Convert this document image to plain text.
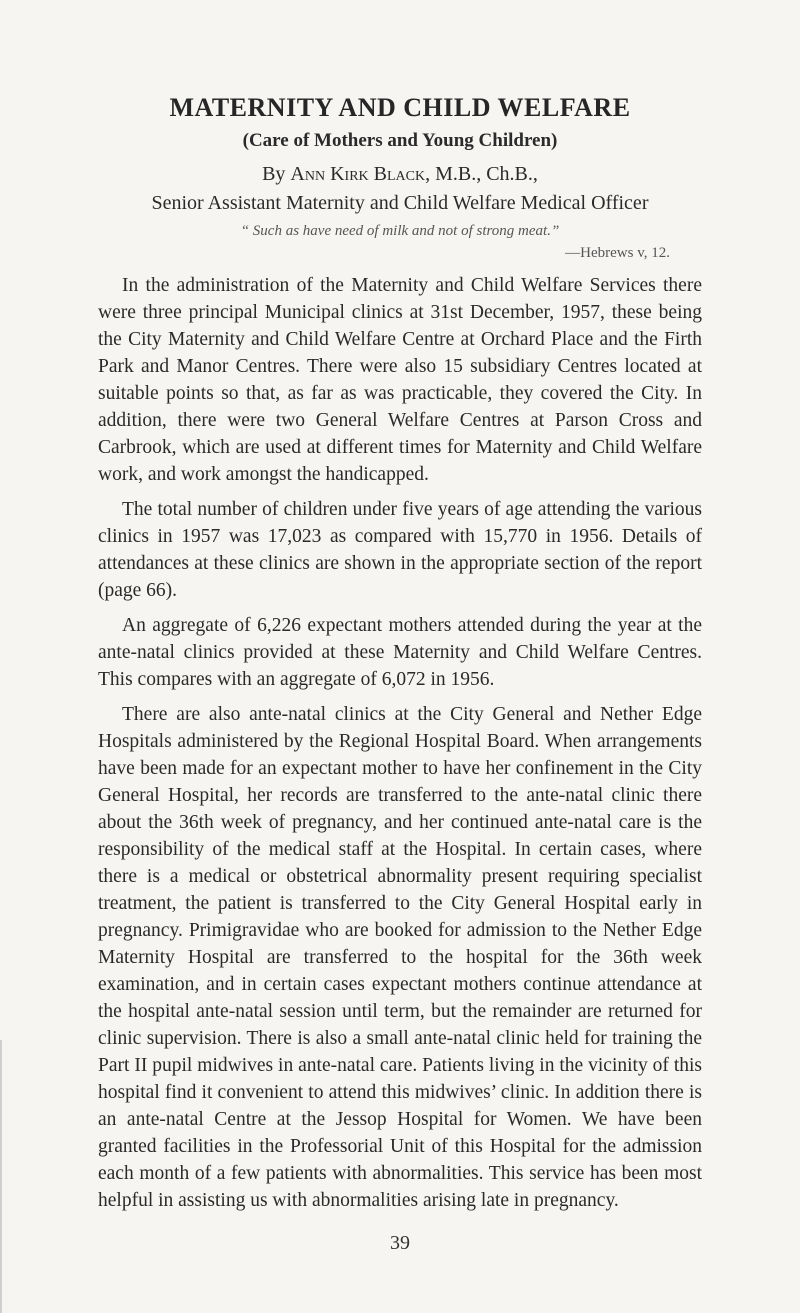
MATERNITY AND CHILD WELFARE

(Care of Mothers and Young Children)

By Ann Kirk Black, M.B., Ch.B.,

Senior Assistant Maternity and Child Welfare Medical Officer

“ Such as have need of milk and not of strong meat.”

—Hebrews v, 12.

In the administration of the Maternity and Child Welfare Services there were three principal Municipal clinics at 31st December, 1957, these being the City Maternity and Child Welfare Centre at Orchard Place and the Firth Park and Manor Centres. There were also 15 subsidiary Centres located at suitable points so that, as far as was practicable, they covered the City. In addition, there were two General Welfare Centres at Parson Cross and Carbrook, which are used at different times for Maternity and Child Welfare work, and work amongst the handicapped.

The total number of children under five years of age attending the various clinics in 1957 was 17,023 as compared with 15,770 in 1956. Details of attendances at these clinics are shown in the appropriate section of the report (page 66).

An aggregate of 6,226 expectant mothers attended during the year at the ante-natal clinics provided at these Maternity and Child Welfare Centres. This compares with an aggregate of 6,072 in 1956.

There are also ante-natal clinics at the City General and Nether Edge Hospitals administered by the Regional Hospital Board. When arrangements have been made for an expectant mother to have her confinement in the City General Hospital, her records are transferred to the ante-natal clinic there about the 36th week of pregnancy, and her continued ante-natal care is the responsibility of the medical staff at the Hospital. In certain cases, where there is a medical or obstetrical abnormality present requiring specialist treatment, the patient is transferred to the City General Hospital early in pregnancy. Primigravidae who are booked for admission to the Nether Edge Maternity Hospital are transferred to the hospital for the 36th week examination, and in certain cases expectant mothers continue attendance at the hospital ante-natal session until term, but the remainder are returned for clinic supervision. There is also a small ante-natal clinic held for training the Part II pupil midwives in ante-natal care. Patients living in the vicinity of this hospital find it convenient to attend this midwives’ clinic. In addition there is an ante-natal Centre at the Jessop Hospital for Women. We have been granted facilities in the Professorial Unit of this Hospital for the admission each month of a few patients with abnormalities. This service has been most helpful in assisting us with abnormalities arising late in pregnancy.

39
